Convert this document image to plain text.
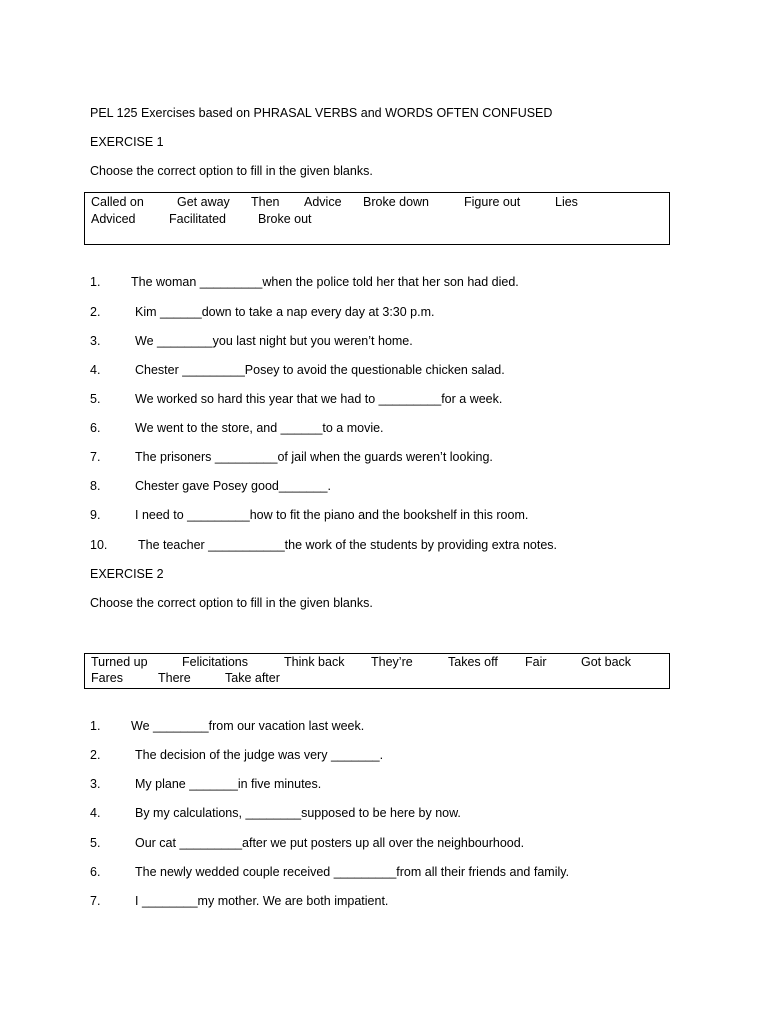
PEL 125 Exercises based on PHRASAL VERBS and WORDS OFTEN CONFUSED
EXERCISE 1
Choose the correct option to fill in the given blanks.
Called on	Get away Then Advice Broke down	Figure out	Lies
Adviced	Facilitated	Broke out
1. The woman _________when the police told her that her son had died.
2.	Kim ______down to take a nap every day at 3:30 p.m.
3.	We ________you last night but you weren’t home.
4.	Chester _________Posey to avoid the questionable chicken salad.
5.	We worked so hard this year that we had to _________for a week.
6.	We went to the store, and ______to a movie.
7.	The prisoners _________of jail when the guards weren’t looking.
8.	Chester gave Posey good_______.
9.	I need to _________how to fit the piano and the bookshelf in this room.
10. The teacher ___________the work of the students by providing extra notes.
EXERCISE 2
Choose the correct option to fill in the given blanks.
Turned up	Felicitations	Think back They’re	Takes off Fair	Got back
Fares	There	Take after
1. We ________from our vacation last week.
2.	The decision of the judge was very _______.
3.	My plane _______in five minutes.
4.	By my calculations, ________supposed to be here by now.
5.	Our cat _________after we put posters up all over the neighbourhood.
6.	The newly wedded couple received _________from all their friends and family.
7.	I ________my mother. We are both impatient.
